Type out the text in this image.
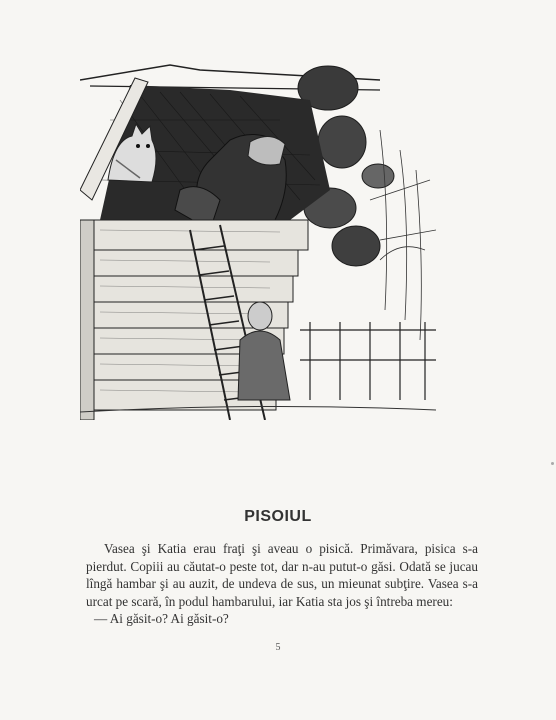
PISOIUL

Vasea şi Katia erau fraţi şi aveau o pisică. Primăvara, pisica s-a pierdut. Copiii au căutat-o peste tot, dar n-au putut-o găsi. Odată se jucau lîngă hambar şi au auzit, de undeva de sus, un mieunat subţire. Vasea s-a urcat pe scară, în podul hambarului, iar Katia sta jos şi întreba mereu:

— Ai găsit-o? Ai găsit-o?

5
